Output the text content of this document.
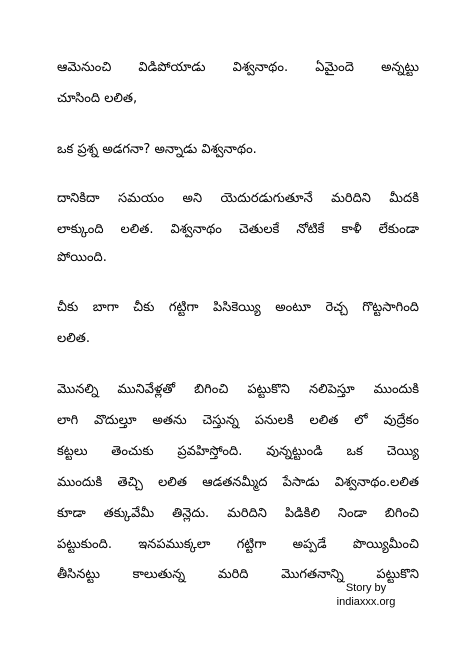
ఆమెనుంచి విడిపోయాడు విశ్వనాథం. ఏమైందె అన్నట్టు
చూసింది లలిత,
ఒక ప్రశ్న అడగనా? అన్నాడు విశ్వనాథం.
దానికిదా సమయం అని యెదురడుగుతూనే మరిదిని మీదకి
లాక్కుంది లలిత. విశ్వనాథం చెతులకే నోటికే కాళీ లేకుండా
పోయింది.
చీకు బాగా చీకు గట్టిగా పిసికెయ్యి అంటూ రెచ్చ గొట్టసాగింది
లలిత.
మొనల్ని మునివేళ్లతో బిగించి పట్టుకొని నలిపెస్తూ ముందుకి
లాగి వొదుల్తూ అతను చెస్తున్న పనులకి లలిత లో వుద్రేకం
కట్టలు తెంచుకు ప్రవహిస్తోంది. వున్నట్టుండి ఒక చెయ్యి
ముందుకి తెచ్చి లలిత ఆడతనమ్మీద పేసాడు విశ్వనాథం.లలిత
కూడా తక్కువేమీ తిన్లెదు. మరిదిని పిడికిలి నిండా బిగించి
పట్టుకుంది. ఇనపముక్కలా గట్టిగా అప్పడే పొయ్యిమీంచి
తీసినట్టు కాలుతున్న మరిది మొగతనాన్ని పట్టుకొని
Story by
indiaxxx.org
